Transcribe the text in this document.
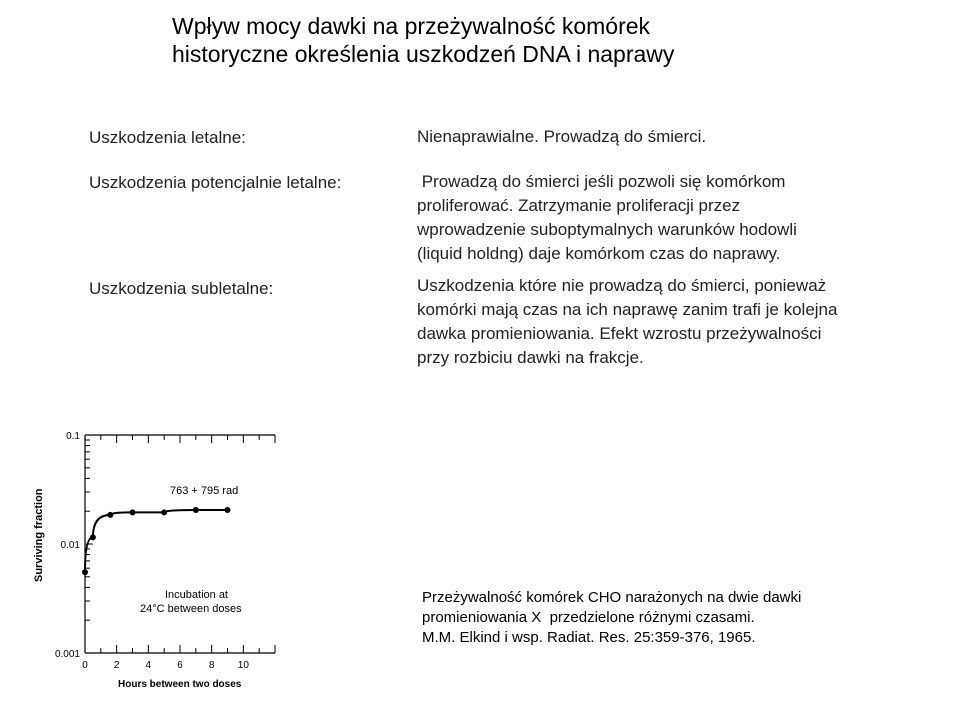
Wpływ mocy dawki na przeżywalność komórek
historyczne określenia uszkodzeń DNA i naprawy
Uszkodzenia letalne:	Nienaprawialne. Prowadzą do śmierci.
Uszkodzenia potencjalnie letalne:	Prowadzą do śmierci jeśli pozwoli się komórkom
proliferować. Zatrzymanie proliferacji przez
wprowadzenie suboptymalnych warunków hodowli
(liquid holdng) daje komórkom czas do naprawy.
Uszkodzenia subletalne:	Uszkodzenia które nie prowadzą do śmierci, ponieważ
komórki mają czas na ich naprawę zanim trafi je kolejna
dawka promieniowania. Efekt wzrostu przeżywalności
przy rozbiciu dawki na frakcje.
0	2	4	6	8 10
0.1
0.01
0.001
763 + 795 rad
Incubation at
24°C between doses
Hours between two doses
Surviving fraction
Przeżywalność komórek CHO narażonych na dwie dawki
promieniowania X  przedzielone różnymi czasami.
M.M. Elkind i wsp. Radiat. Res. 25:359-376, 1965.
